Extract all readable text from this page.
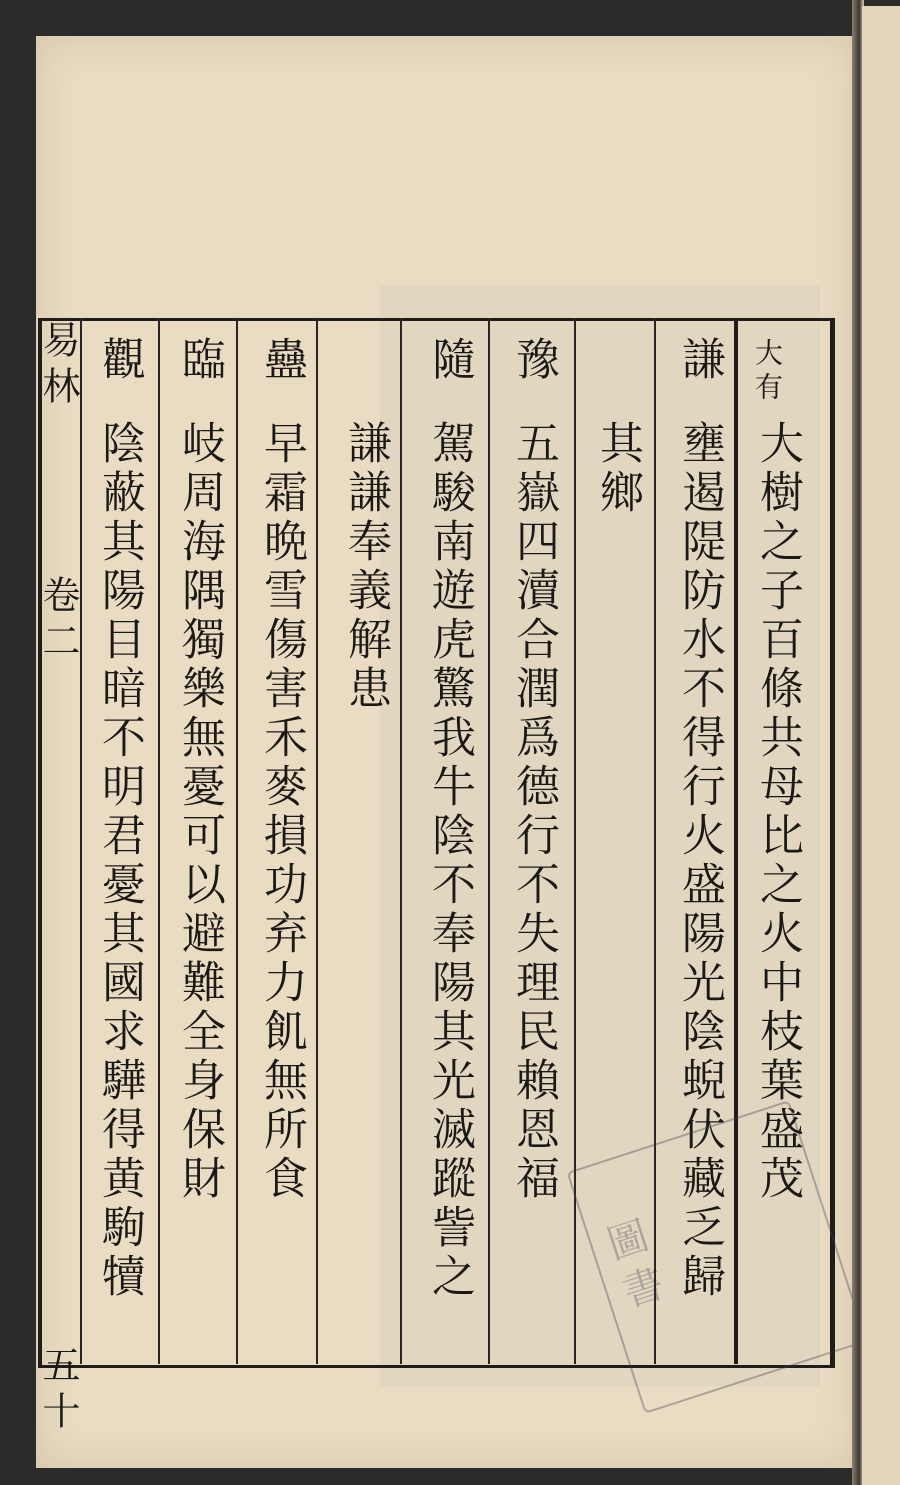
易林
卷二
五十
大有
大樹之子百條共母比之火中枝葉盛茂
謙
壅遏隄防水不得行火盛陽光陰蜺伏藏乏歸
其鄉
豫
五嶽四瀆合潤爲德行不失理民賴恩福
隨
駕駿南遊虎驚我牛陰不奉陽其光滅蹤訾之
謙謙奉義解患
蠱
早霜晩雪傷害禾麥損功弃力飢無所食
臨
岐周海隅獨樂無憂可以避難全身保財
觀
陰蔽其陽目暗不明君憂其國求驊得黄駒犢	圖書
